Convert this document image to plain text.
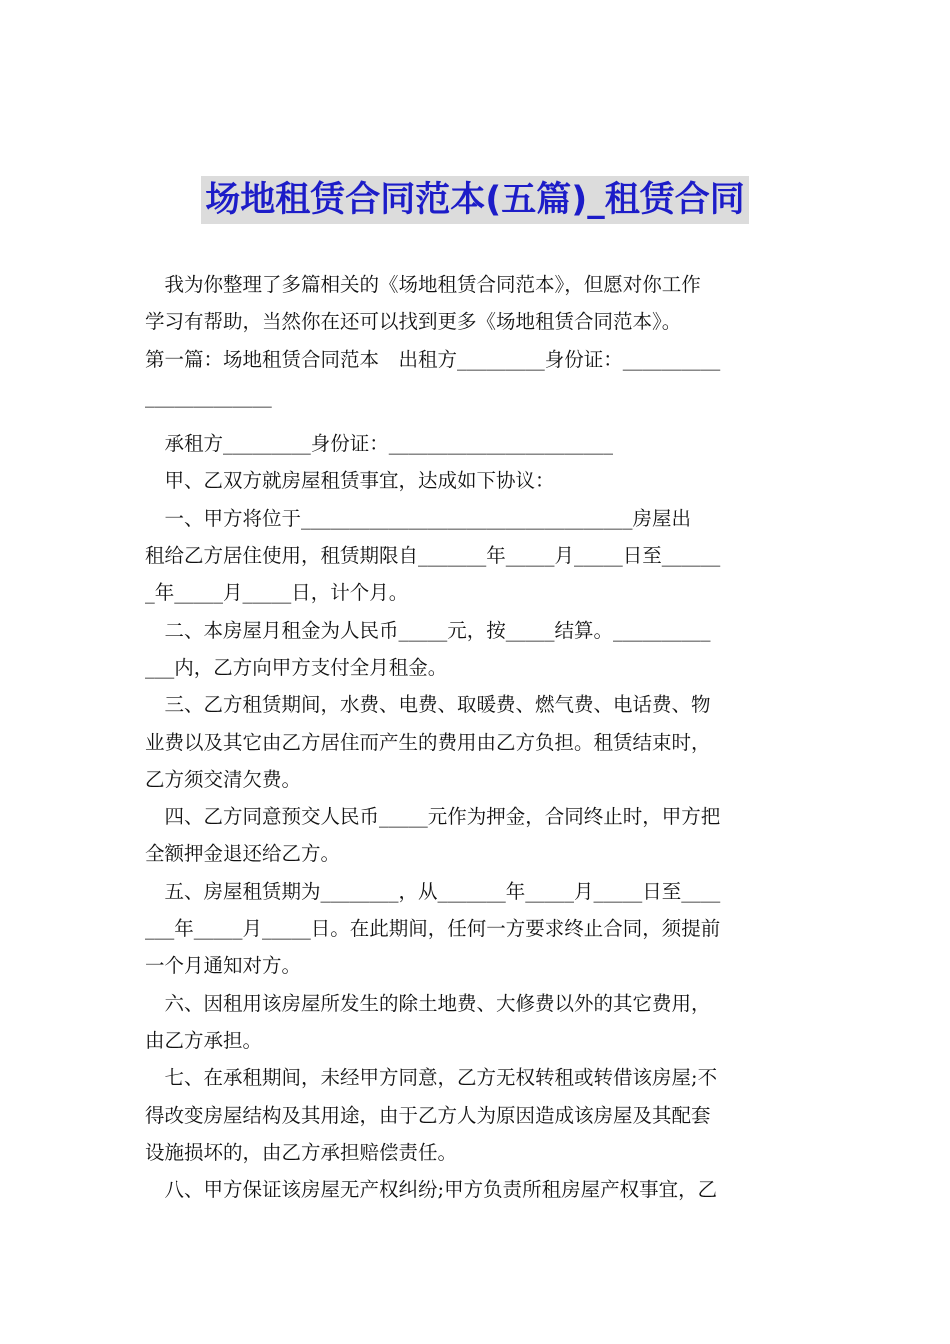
场地租赁合同范本(五篇)_租赁合同
　我为你整理了多篇相关的《场地租赁合同范本》，但愿对你工作
学习有帮助，当然你在还可以找到更多《场地租赁合同范本》。
第一篇：场地租赁合同范本　出租方_________身份证：__________
_____________
　承租方_________身份证：_______________________
　甲、乙双方就房屋租赁事宜，达成如下协议：
　一、甲方将位于__________________________________房屋出
租给乙方居住使用，租赁期限自_______年_____月_____日至______
_年_____月_____日，计个月。
　二、本房屋月租金为人民币_____元，按_____结算。__________
___内，乙方向甲方支付全月租金。
　三、乙方租赁期间，水费、电费、取暖费、燃气费、电话费、物
业费以及其它由乙方居住而产生的费用由乙方负担。租赁结束时，
乙方须交清欠费。
　四、乙方同意预交人民币_____元作为押金，合同终止时，甲方把
全额押金退还给乙方。
　五、房屋租赁期为________，从_______年_____月_____日至____
___年_____月_____日。在此期间，任何一方要求终止合同，须提前
一个月通知对方。
　六、因租用该房屋所发生的除土地费、大修费以外的其它费用，
由乙方承担。
　七、在承租期间，未经甲方同意，乙方无权转租或转借该房屋;不
得改变房屋结构及其用途，由于乙方人为原因造成该房屋及其配套
设施损坏的，由乙方承担赔偿责任。
　八、甲方保证该房屋无产权纠纷;甲方负责所租房屋产权事宜，乙
